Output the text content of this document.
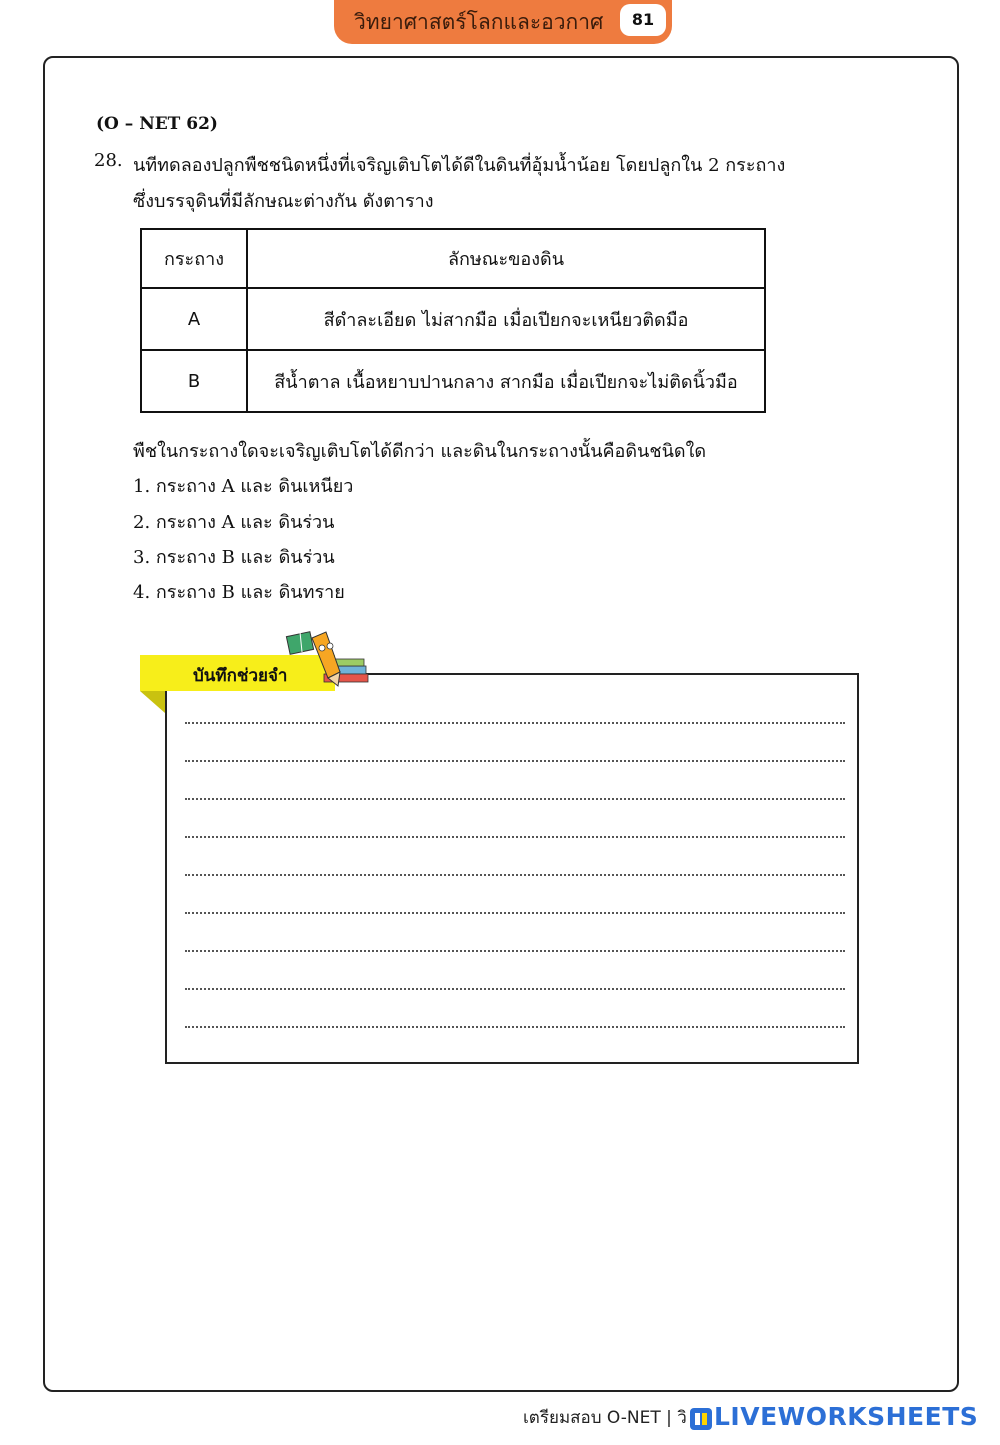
วิทยาศาสตร์โลกและอวกาศ	81
(O – NET 62)
28. นทีทดลองปลูกพืชชนิดหนึ่งที่เจริญเติบโตได้ดีในดินที่อุ้มน้ำน้อย โดยปลูกใน 2 กระถาง
ซึ่งบรรจุดินที่มีลักษณะต่างกัน ดังตาราง
กระถาง	ลักษณะของดิน
A	สีดำละเอียด ไม่สากมือ เมื่อเปียกจะเหนียวติดมือ
B	สีน้ำตาล เนื้อหยาบปานกลาง สากมือ เมื่อเปียกจะไม่ติดนิ้วมือ
พืชในกระถางใดจะเจริญเติบโตได้ดีกว่า และดินในกระถางนั้นคือดินชนิดใด
1. กระถาง A และ ดินเหนียว
2. กระถาง A และ ดินร่วน
3. กระถาง B และ ดินร่วน
4. กระถาง B และ ดินทราย
บันทึกช่วยจำ
เตรียมสอบ O-NET | วิ LIVEWORKSHEETS
